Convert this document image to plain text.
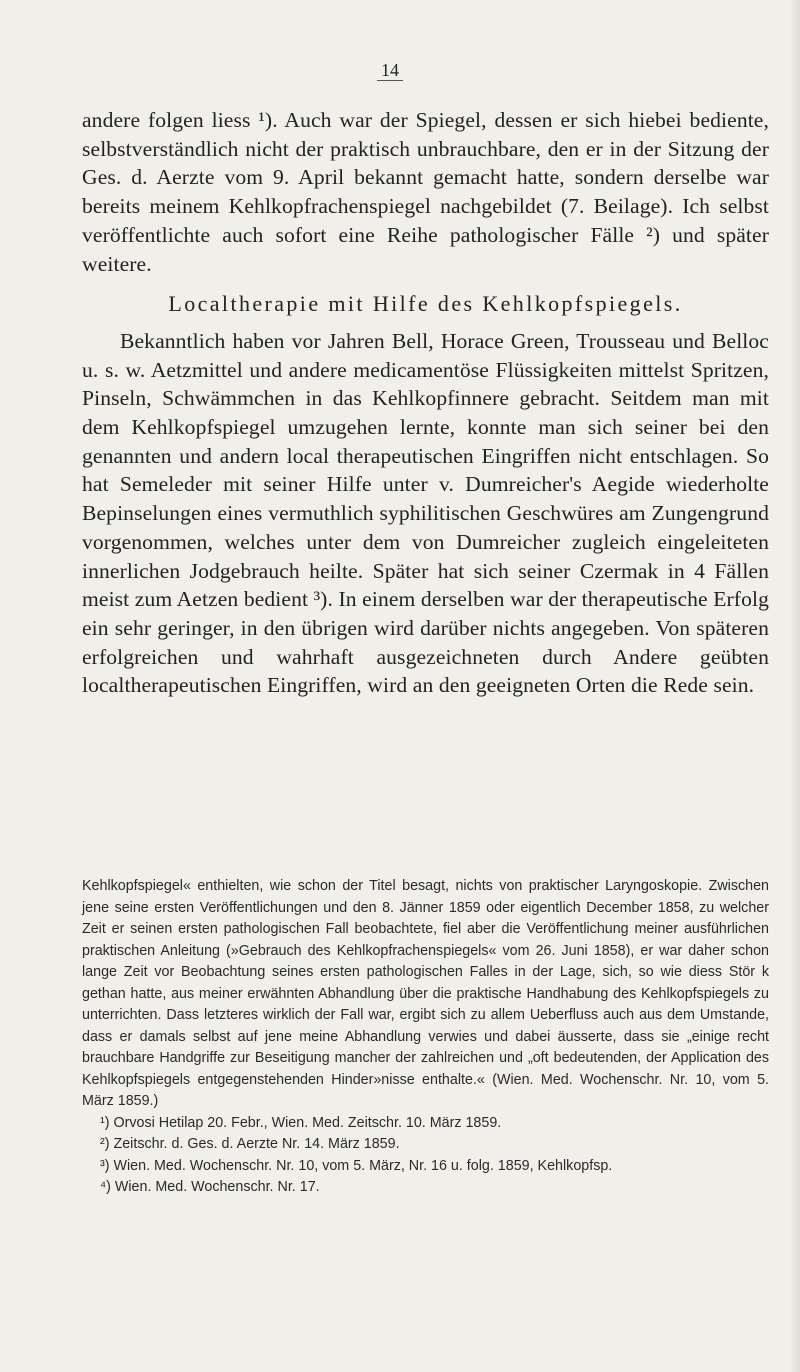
14

andere folgen liess ¹). Auch war der Spiegel, dessen er sich hiebei bediente, selbstverständlich nicht der praktisch unbrauchbare, den er in der Sitzung der Ges. d. Aerzte vom 9. April bekannt gemacht hatte, sondern derselbe war bereits meinem Kehlkopfrachenspiegel nachgebildet (7. Beilage). Ich selbst veröffentlichte auch sofort eine Reihe pathologischer Fälle ²) und später weitere.

Localtherapie mit Hilfe des Kehlkopfspiegels.

Bekanntlich haben vor Jahren Bell, Horace Green, Trousseau und Belloc u. s. w. Aetzmittel und andere medicamentöse Flüssigkeiten mittelst Spritzen, Pinseln, Schwämmchen in das Kehlkopfinnere gebracht. Seitdem man mit dem Kehlkopfspiegel umzugehen lernte, konnte man sich seiner bei den genannten und andern local therapeutischen Eingriffen nicht entschlagen. So hat Semeleder mit seiner Hilfe unter v. Dumreicher's Aegide wiederholte Bepinselungen eines vermuthlich syphilitischen Geschwüres am Zungengrund vorgenommen, welches unter dem von Dumreicher zugleich eingeleiteten innerlichen Jodgebrauch heilte. Später hat sich seiner Czermak in 4 Fällen meist zum Aetzen bedient ³). In einem derselben war der therapeutische Erfolg ein sehr geringer, in den übrigen wird darüber nichts angegeben. Von späteren erfolgreichen und wahrhaft ausgezeichneten durch Andere geübten localtherapeutischen Eingriffen, wird an den geeigneten Orten die Rede sein.

Kehlkopfspiegel« enthielten, wie schon der Titel besagt, nichts von praktischer Laryngoskopie. Zwischen jene seine ersten Veröffentlichungen und den 8. Jänner 1859 oder eigentlich December 1858, zu welcher Zeit er seinen ersten pathologischen Fall beobachtete, fiel aber die Veröffentlichung meiner ausführlichen praktischen Anleitung (»Gebrauch des Kehlkopfrachenspiegels« vom 26. Juni 1858), er war daher schon lange Zeit vor Beobachtung seines ersten pathologischen Falles in der Lage, sich, so wie diess Stör k gethan hatte, aus meiner erwähnten Abhandlung über die praktische Handhabung des Kehlkopfspiegels zu unterrichten. Dass letzteres wirklich der Fall war, ergibt sich zu allem Ueberfluss auch aus dem Umstande, dass er damals selbst auf jene meine Abhandlung verwies und dabei äusserte, dass sie „einige recht brauchbare Handgriffe zur Beseitigung mancher der zahlreichen und „oft bedeutenden, der Application des Kehlkopfspiegels entgegenstehenden Hinder»nisse enthalte.« (Wien. Med. Wochenschr. Nr. 10, vom 5. März 1859.)

¹) Orvosi Hetilap 20. Febr., Wien. Med. Zeitschr. 10. März 1859.

²) Zeitschr. d. Ges. d. Aerzte Nr. 14. März 1859.

³) Wien. Med. Wochenschr. Nr. 10, vom 5. März, Nr. 16 u. folg. 1859, Kehlkopfsp.

⁴) Wien. Med. Wochenschr. Nr. 17.
